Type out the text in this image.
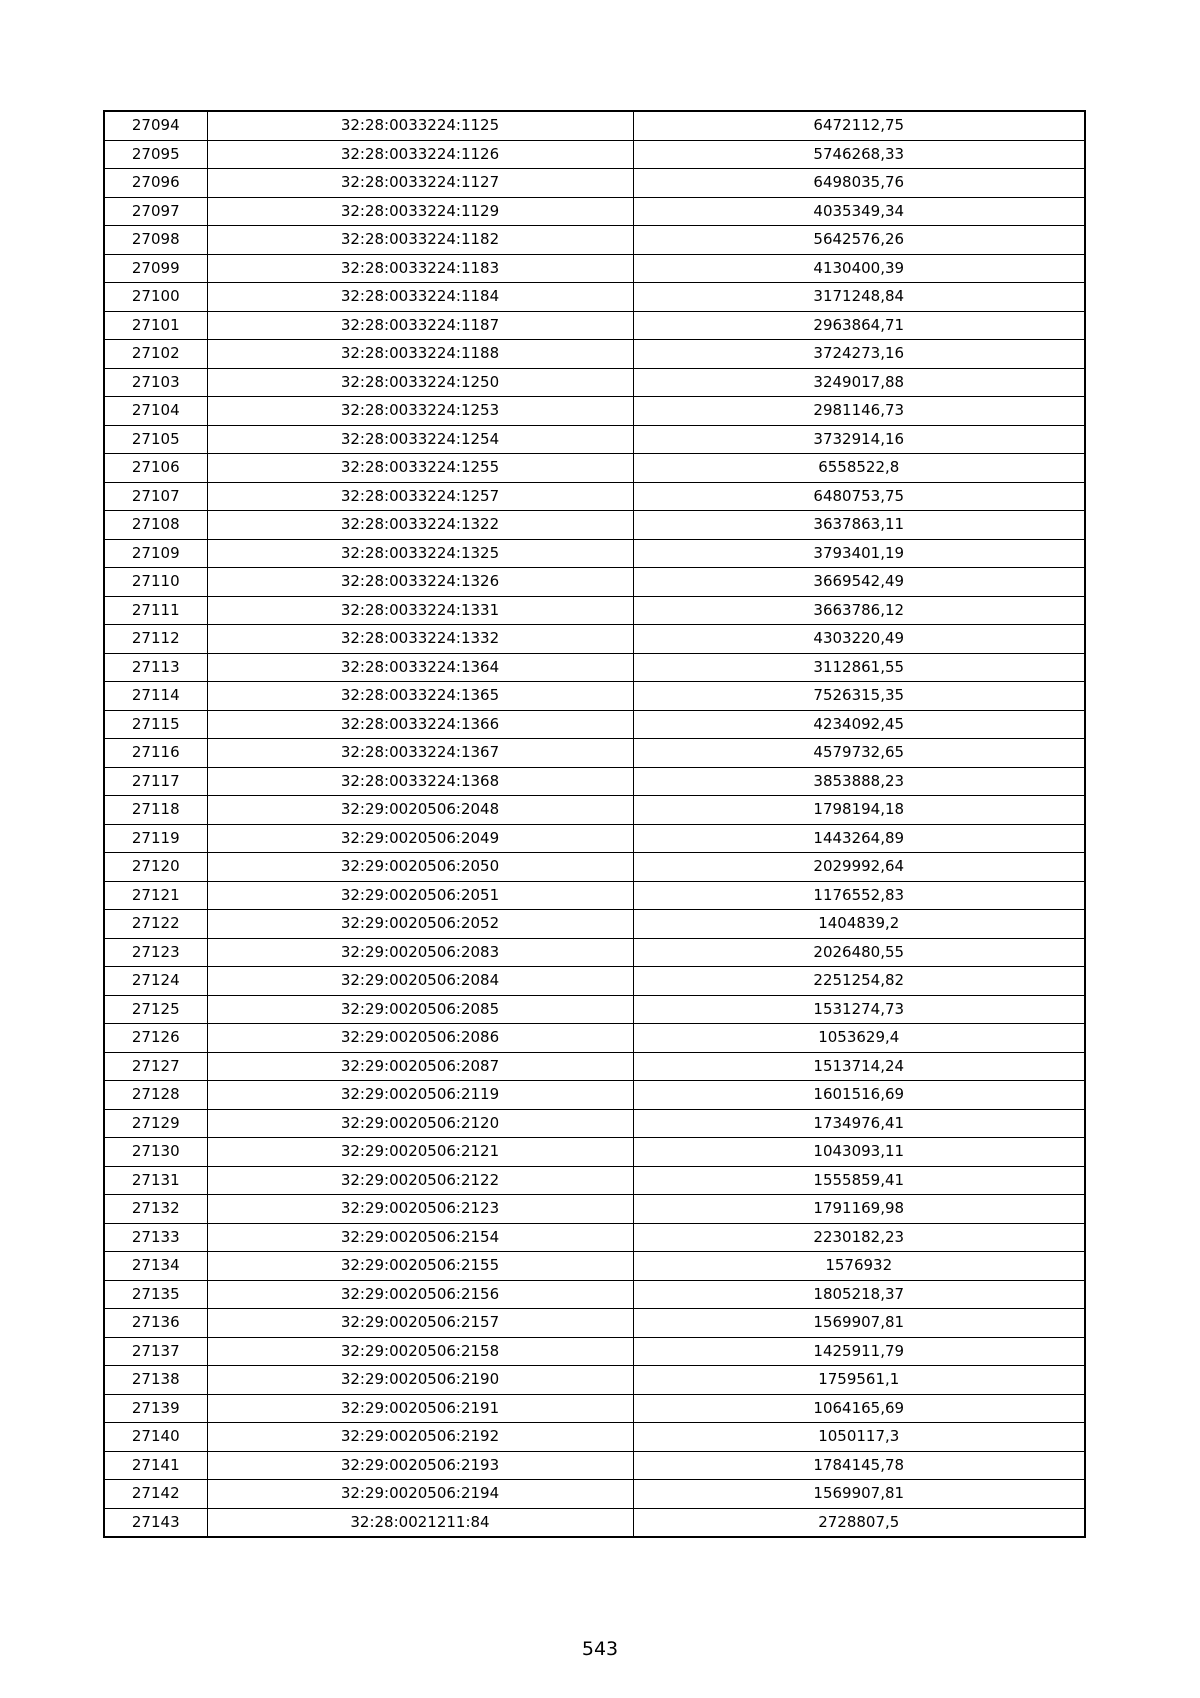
27094	32:28:0033224:1125	6472112,75
27095	32:28:0033224:1126	5746268,33
27096	32:28:0033224:1127	6498035,76
27097	32:28:0033224:1129	4035349,34
27098	32:28:0033224:1182	5642576,26
27099	32:28:0033224:1183	4130400,39
27100	32:28:0033224:1184	3171248,84
27101	32:28:0033224:1187	2963864,71
27102	32:28:0033224:1188	3724273,16
27103	32:28:0033224:1250	3249017,88
27104	32:28:0033224:1253	2981146,73
27105	32:28:0033224:1254	3732914,16
27106	32:28:0033224:1255	6558522,8
27107	32:28:0033224:1257	6480753,75
27108	32:28:0033224:1322	3637863,11
27109	32:28:0033224:1325	3793401,19
27110	32:28:0033224:1326	3669542,49
27111	32:28:0033224:1331	3663786,12
27112	32:28:0033224:1332	4303220,49
27113	32:28:0033224:1364	3112861,55
27114	32:28:0033224:1365	7526315,35
27115	32:28:0033224:1366	4234092,45
27116	32:28:0033224:1367	4579732,65
27117	32:28:0033224:1368	3853888,23
27118	32:29:0020506:2048	1798194,18
27119	32:29:0020506:2049	1443264,89
27120	32:29:0020506:2050	2029992,64
27121	32:29:0020506:2051	1176552,83
27122	32:29:0020506:2052	1404839,2
27123	32:29:0020506:2083	2026480,55
27124	32:29:0020506:2084	2251254,82
27125	32:29:0020506:2085	1531274,73
27126	32:29:0020506:2086	1053629,4
27127	32:29:0020506:2087	1513714,24
27128	32:29:0020506:2119	1601516,69
27129	32:29:0020506:2120	1734976,41
27130	32:29:0020506:2121	1043093,11
27131	32:29:0020506:2122	1555859,41
27132	32:29:0020506:2123	1791169,98
27133	32:29:0020506:2154	2230182,23
27134	32:29:0020506:2155	1576932
27135	32:29:0020506:2156	1805218,37
27136	32:29:0020506:2157	1569907,81
27137	32:29:0020506:2158	1425911,79
27138	32:29:0020506:2190	1759561,1
27139	32:29:0020506:2191	1064165,69
27140	32:29:0020506:2192	1050117,3
27141	32:29:0020506:2193	1784145,78
27142	32:29:0020506:2194	1569907,81
27143	32:28:0021211:84	2728807,5
543
